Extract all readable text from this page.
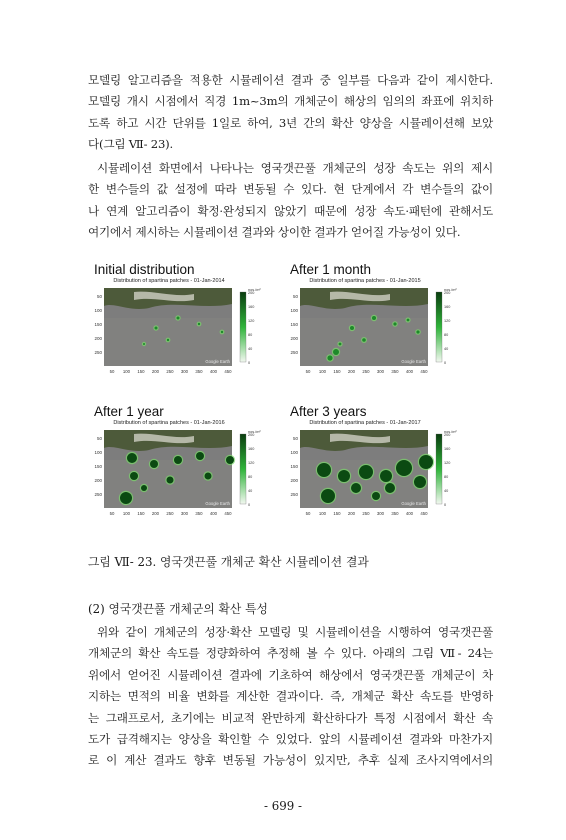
모델링 알고리즘을 적용한 시뮬레이션 결과 중 일부를 다음과 같이 제시한다.
모델링 개시 시점에서 직경 1m~3m의 개체군이 해상의 임의의 좌표에 위치하
도록 하고 시간 단위를 1일로 하여, 3년 간의 확산 양상을 시뮬레이션해 보았
다(그림 Ⅶ- 23).
시뮬레이션 화면에서 나타나는 영국갯끈풀 개체군의 성장 속도는 위의 제시
한 변수들의 값 설정에 따라 변동될 수 있다. 현 단계에서 각 변수들의 값이
나 연계 알고리즘이 확정·완성되지 않았기 때문에 성장 속도·패턴에 관해서도
여기에서 제시하는 시뮬레이션 결과와 상이한 결과가 얻어질 가능성이 있다.
Initial distribution
Distribution of spartina patches - 01-Jan-2014
50
100
150
200
250
50 100 150 200 250 300 350 400 450
Google Earth
nos./m²
200
160
120
80
40
0
After 1 month
Distribution of spartina patches - 01-Jan-2015
50
100
150
200
250
50 100 150 200 250 300 350 400 450
Google Earth
nos./m²
200
160
120
80
40
0
After 1 year
Distribution of spartina patches - 01-Jan-2016
50
100
150
200
250
50 100 150 200 250 300 350 400 450
Google Earth
nos./m²
200
160
120
80
40
0
After 3 years
Distribution of spartina patches - 01-Jan-2017
50
100
150
200
250
50 100 150 200 250 300 350 400 450
Google Earth
nos./m²
200
160
120
80
40
0
그림 Ⅶ- 23. 영국갯끈풀 개체군 확산 시뮬레이션 결과
(2) 영국갯끈풀 개체군의 확산 특성
위와 같이 개체군의 성장·확산 모델링 및 시뮬레이션을 시행하여 영국갯끈풀
개체군의 확산 속도를 정량화하여 추정해 볼 수 있다. 아래의 그림 Ⅶ- 24는
위에서 얻어진 시뮬레이션 결과에 기초하여 해상에서 영국갯끈풀 개체군이 차
지하는 면적의 비율 변화를 계산한 결과이다. 즉, 개체군 확산 속도를 반영하
는 그래프로서, 초기에는 비교적 완만하게 확산하다가 특정 시점에서 확산 속
도가 급격해지는 양상을 확인할 수 있었다. 앞의 시뮬레이션 결과와 마찬가지
로 이 계산 결과도 향후 변동될 가능성이 있지만, 추후 실제 조사지역에서의
- 699 -
